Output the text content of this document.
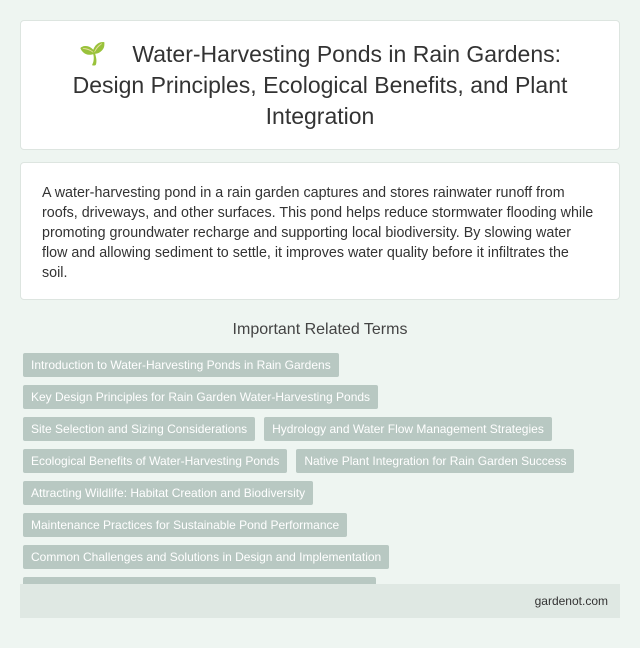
🌱 Water-Harvesting Ponds in Rain Gardens: Design Principles, Ecological Benefits, and Plant Integration

A water-harvesting pond in a rain garden captures and stores rainwater runoff from roofs, driveways, and other surfaces. This pond helps reduce stormwater flooding while promoting groundwater recharge and supporting local biodiversity. By slowing water flow and allowing sediment to settle, it improves water quality before it infiltrates the soil.

Important Related Terms
Introduction to Water-Harvesting Ponds in Rain Gardens
Key Design Principles for Rain Garden Water-Harvesting Ponds
Site Selection and Sizing Considerations	Hydrology and Water Flow Management Strategies
Ecological Benefits of Water-Harvesting Ponds	Native Plant Integration for Rain Garden Success
Attracting Wildlife: Habitat Creation and Biodiversity
Maintenance Practices for Sustainable Pond Performance
Common Challenges and Solutions in Design and Implementation
gardenot.com
